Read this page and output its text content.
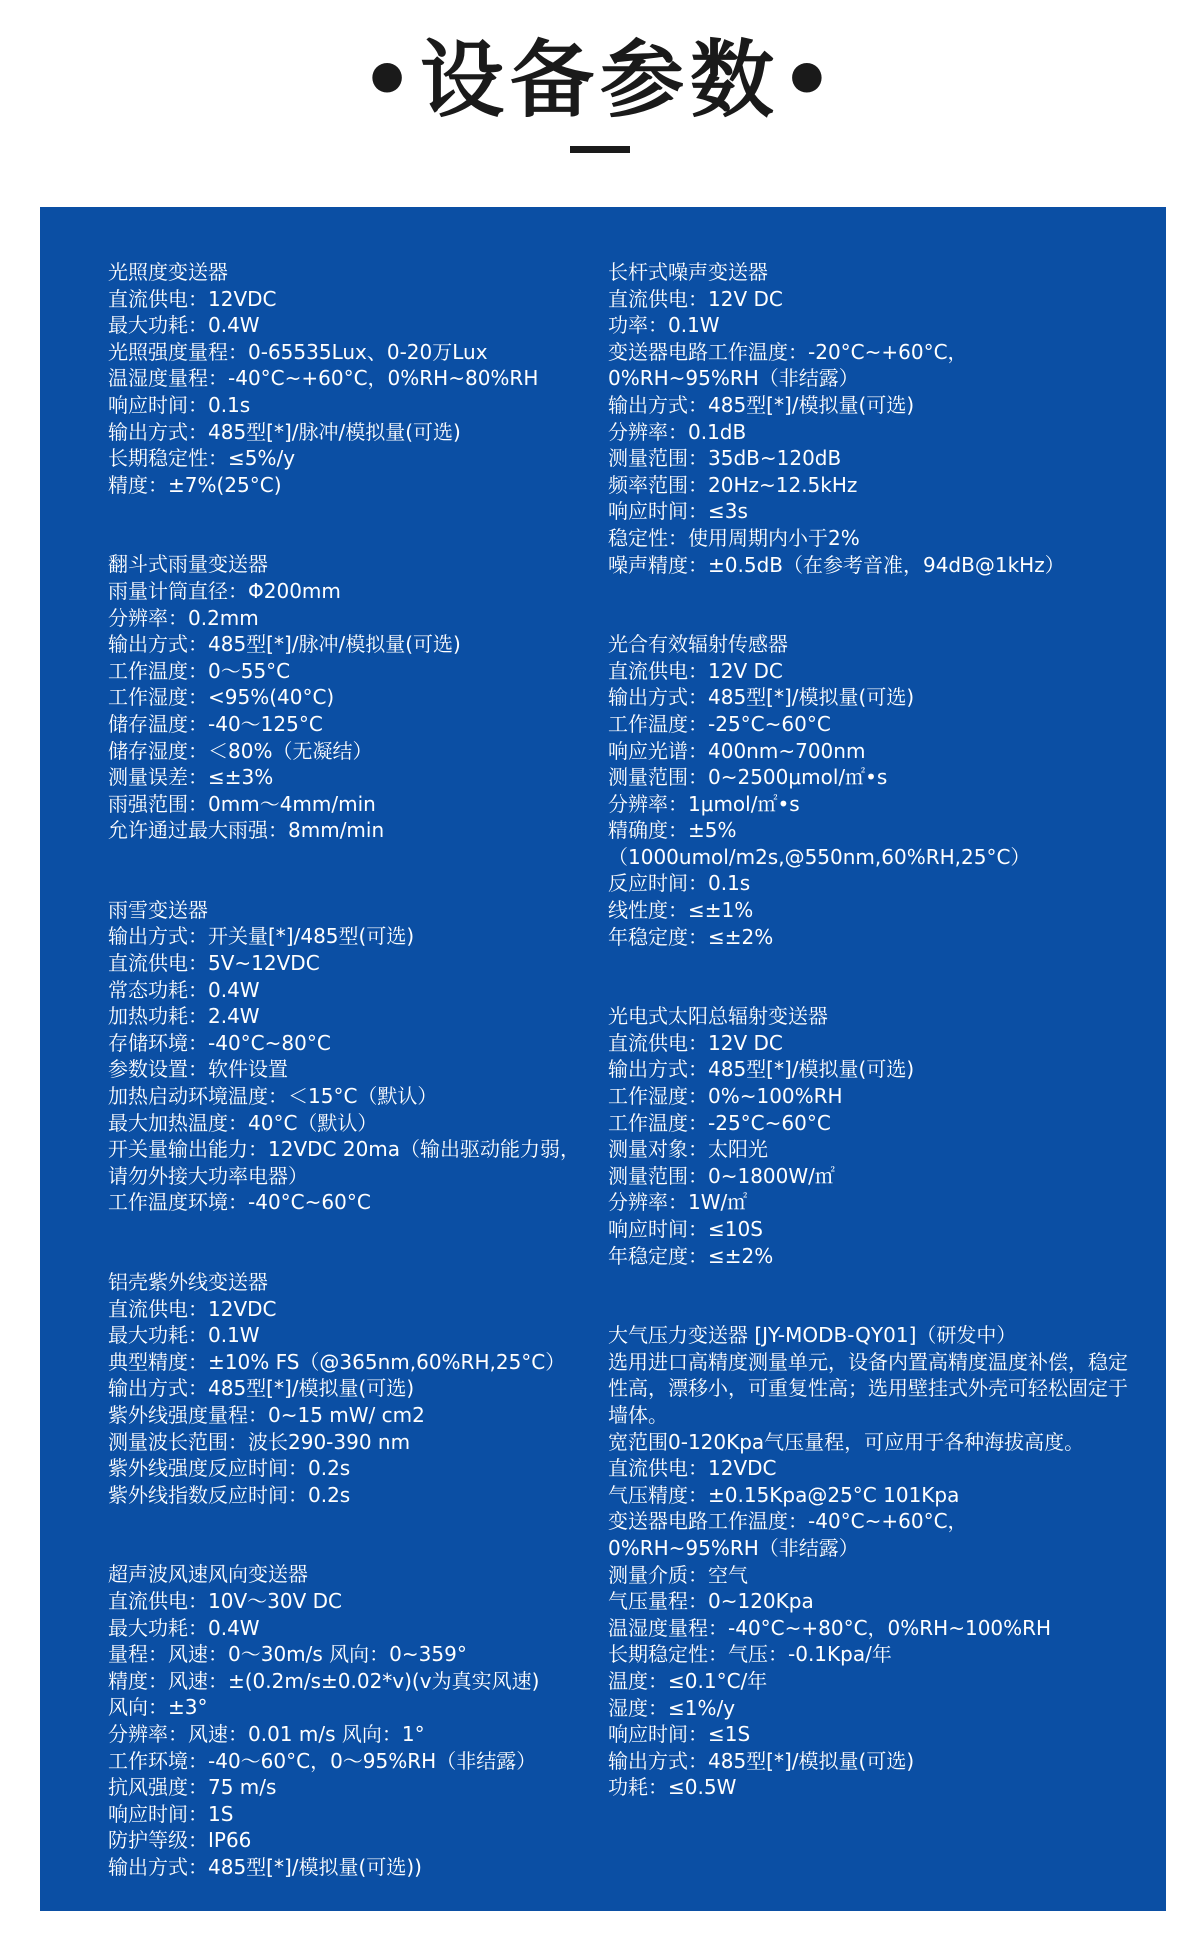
•设备参数•

光照度变送器

直流供电：12VDC

最大功耗：0.4W

光照强度量程：0-65535Lux、0-20万Lux

温湿度量程：-40°C~+60°C，0%RH~80%RH

响应时间：0.1s

输出方式：485型[*]/脉冲/模拟量(可选)

长期稳定性：≤5%/y

精度：±7%(25°C)

翻斗式雨量变送器

雨量计筒直径：Φ200mm

分辨率：0.2mm

输出方式：485型[*]/脉冲/模拟量(可选)

工作温度：0～55°C

工作湿度：<95%(40°C)

储存温度：-40～125°C

储存湿度：＜80%（无凝结）

测量误差：≤±3%

雨强范围：0mm～4mm/min

允许通过最大雨强：8mm/min

雨雪变送器

输出方式：开关量[*]/485型(可选)

直流供电：5V~12VDC

常态功耗：0.4W

加热功耗：2.4W

存储环境：-40°C~80°C

参数设置：软件设置

加热启动环境温度：＜15°C（默认）

最大加热温度：40°C（默认）

开关量输出能力：12VDC 20ma（输出驱动能力弱，请勿外接大功率电器）

工作温度环境：-40°C~60°C

铝壳紫外线变送器

直流供电：12VDC

最大功耗：0.1W

典型精度：±10% FS（@365nm,60%RH,25°C）

输出方式：485型[*]/模拟量(可选)

紫外线强度量程：0~15 mW/ cm2

测量波长范围：波长290-390 nm

紫外线强度反应时间：0.2s

紫外线指数反应时间：0.2s

超声波风速风向变送器

直流供电：10V～30V DC

最大功耗：0.4W

量程：风速：0～30m/s 风向：0~359°

精度：风速：±(0.2m/s±0.02*v)(v为真实风速)

风向：±3°

分辨率：风速：0.01 m/s 风向：1°

工作环境：-40～60°C，0～95%RH（非结露）

抗风强度：75 m/s

响应时间：1S

防护等级：IP66

输出方式：485型[*]/模拟量(可选))

长杆式噪声变送器

直流供电：12V DC

功率：0.1W

变送器电路工作温度：-20°C~+60°C，

0%RH~95%RH（非结露）

输出方式：485型[*]/模拟量(可选)

分辨率：0.1dB

测量范围：35dB~120dB

频率范围：20Hz~12.5kHz

响应时间：≤3s

稳定性：使用周期内小于2%

噪声精度：±0.5dB（在参考音准，94dB@1kHz）

光合有效辐射传感器

直流供电：12V DC

输出方式：485型[*]/模拟量(可选)

工作温度：-25°C~60°C

响应光谱：400nm~700nm

测量范围：0~2500μmol/㎡•s

分辨率：1μmol/㎡•s

精确度：±5%

（1000umol/m2s,@550nm,60%RH,25°C）

反应时间：0.1s

线性度：≤±1%

年稳定度：≤±2%

光电式太阳总辐射变送器

直流供电：12V DC

输出方式：485型[*]/模拟量(可选)

工作湿度：0%~100%RH

工作温度：-25°C~60°C

测量对象：太阳光

测量范围：0~1800W/㎡

分辨率：1W/㎡

响应时间：≤10S

年稳定度：≤±2%

大气压力变送器 [JY-MODB-QY01]（研发中）

选用进口高精度测量单元，设备内置高精度温度补偿，稳定性高，漂移小，可重复性高；选用壁挂式外壳可轻松固定于墙体。

宽范围0-120Kpa气压量程，可应用于各种海拔高度。

直流供电：12VDC

气压精度：±0.15Kpa@25°C 101Kpa

变送器电路工作温度：-40°C~+60°C，

0%RH~95%RH（非结露）

测量介质：空气

气压量程：0~120Kpa

温湿度量程：-40°C~+80°C，0%RH~100%RH

长期稳定性：气压：-0.1Kpa/年

温度：≤0.1°C/年

湿度：≤1%/y

响应时间：≤1S

输出方式：485型[*]/模拟量(可选)

功耗：≤0.5W
